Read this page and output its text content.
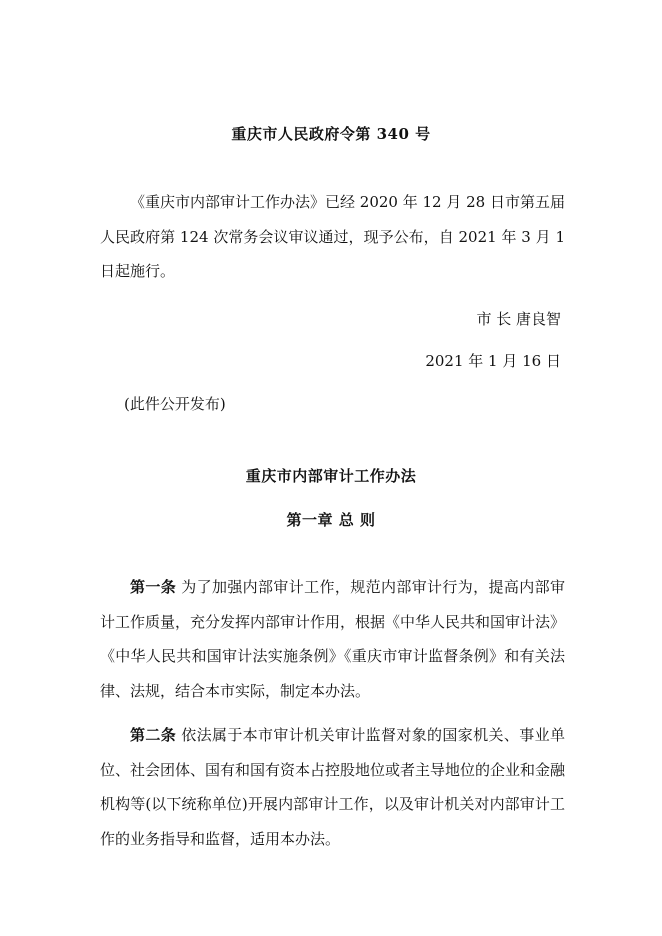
重庆市人民政府令第 340 号
《重庆市内部审计工作办法》已经 2020 年 12 月 28 日市第五届人民政府第 124 次常务会议审议通过，现予公布，自 2021 年 3 月 1 日起施行。
市 长 唐良智
2021 年 1 月 16 日
(此件公开发布)
重庆市内部审计工作办法
第一章 总 则
第一条 为了加强内部审计工作，规范内部审计行为，提高内部审计工作质量，充分发挥内部审计作用，根据《中华人民共和国审计法》《中华人民共和国审计法实施条例》《重庆市审计监督条例》和有关法律、法规，结合本市实际，制定本办法。
第二条 依法属于本市审计机关审计监督对象的国家机关、事业单位、社会团体、国有和国有资本占控股地位或者主导地位的企业和金融机构等(以下统称单位)开展内部审计工作，以及审计机关对内部审计工作的业务指导和监督，适用本办法。
